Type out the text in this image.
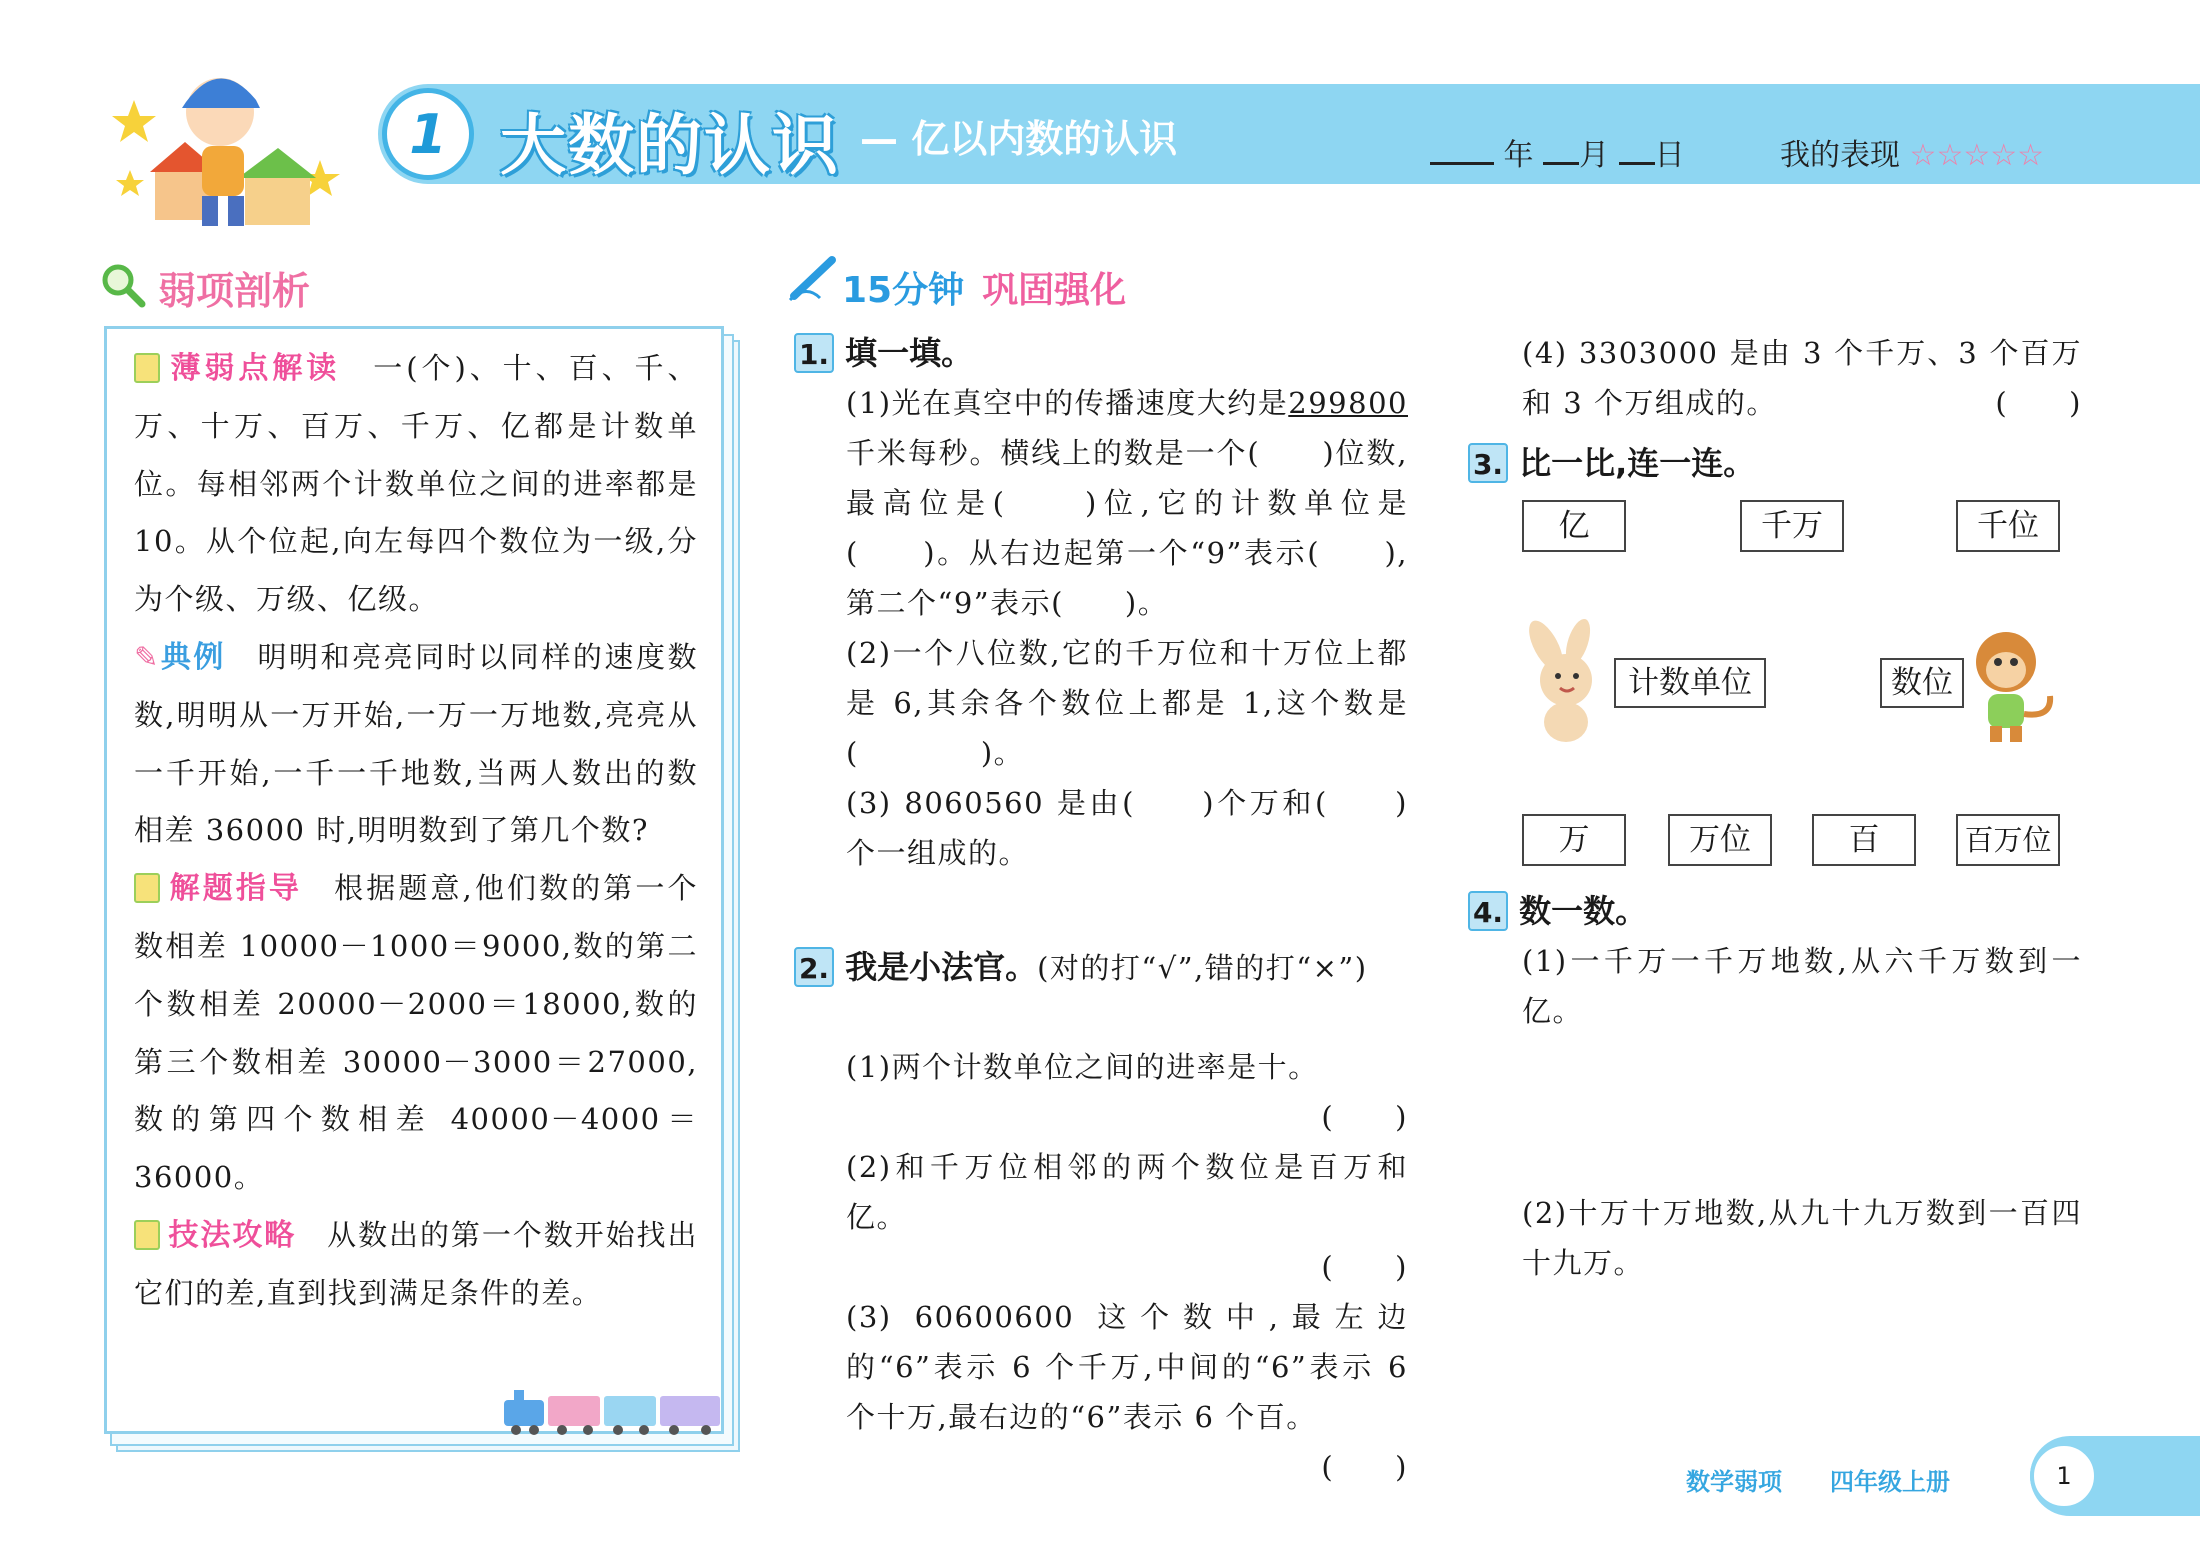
1 大数的认识 — 亿以内数的认识	年 月 日	我的表现 ☆☆☆☆☆
弱项剖析
薄弱点解读  一(个)、十、百、千、万、十万、百万、千万、亿都是计数单位。每相邻两个计数单位之间的进率都是10。从个位起,向左每四个数位为一级,分为个级、万级、亿级。
✎典例  明明和亮亮同时以同样的速度数数,明明从一万开始,一万一万地数,亮亮从一千开始,一千一千地数,当两人数出的数相差 36000 时,明明数到了第几个数?
解题指导  根据题意,他们数的第一个数相差 10000－1000＝9000,数的第二个数相差 20000－2000＝18000,数的第三个数相差 30000－3000＝27000,数的第四个数相差 40000－4000＝36000。
技法攻略  从数出的第一个数开始找出它们的差,直到找到满足条件的差。
15分钟 巩固强化
1. 填一填。
(1)光在真空中的传播速度大约是299800千米每秒。横线上的数是一个(　　)位数,最高位是(　　)位,它的计数单位是(　　)。从右边起第一个“9”表示(　　),第二个“9”表示(　　)。
(2)一个八位数,它的千万位和十万位上都是 6,其余各个数位上都是 1,这个数是(　　　　)。
(3) 8060560 是由(　　)个万和(　　)个一组成的。
2. 我是小法官。(对的打“√”,错的打“×”)
(1)两个计数单位之间的进率是十。
(　　)
(2)和千万位相邻的两个数位是百万和亿。
(　　)
(3) 60600600 这个数中,最左边的“6”表示 6 个千万,中间的“6”表示 6 个十万,最右边的“6”表示 6 个百。
(　　)
(4) 3303000 是由 3 个千万、3 个百万和 3 个万组成的。	(　　)
3. 比一比,连一连。
亿	千万	千位
计数单位	数位
万	万位	百	百万位
4. 数一数。
(1)一千万一千万地数,从六千万数到一亿。
(2)十万十万地数,从九十九万数到一百四十九万。
数学弱项   四年级上册	1
